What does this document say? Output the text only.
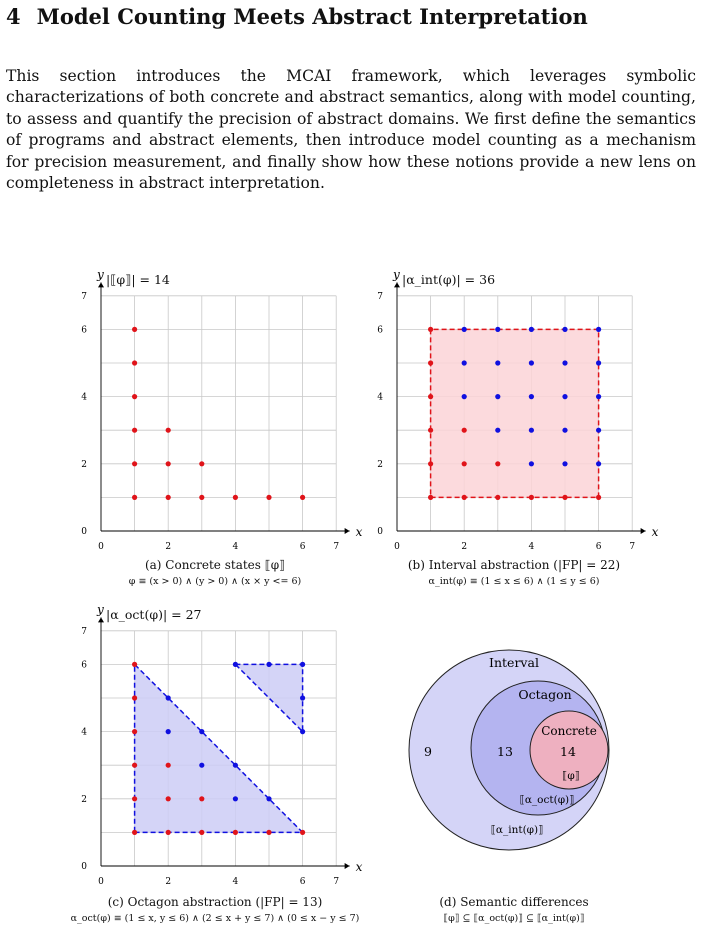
4 Model Counting Meets Abstract Interpretation
This section introduces the MCAI framework, which leverages symbolic characterizations of both concrete and abstract semantics, along with model counting, to assess and quantify the precision of abstract domains. We first define the semantics of programs and abstract elements, then introduce model counting as a mechanism for precision measurement, and finally show how these notions provide a new lens on completeness in abstract interpretation.
x
y
0	2	4	6	7
0
2
4
6
7
x
y
0	2	4	6	7
0
2
4
6
7
x
y
0	2	4	6	7
0
2
4
6
7
Interval
Octagon
Concrete
9	13	14
⟦φ⟧
⟦α_oct(φ)⟧
⟦α_int(φ)⟧
|⟦φ⟧| = 14	|α_int(φ)| = 36
|α_oct(φ)| = 27
(a) Concrete states ⟦φ⟧
φ ≡ (x > 0) ∧ (y > 0) ∧ (x × y <= 6)
(b) Interval abstraction (|FP| = 22)
α_int(φ) ≡ (1 ≤ x ≤ 6) ∧ (1 ≤ y ≤ 6)
(c) Octagon abstraction (|FP| = 13)
α_oct(φ) ≡ (1 ≤ x, y ≤ 6) ∧ (2 ≤ x + y ≤ 7) ∧ (0 ≤ x − y ≤ 7)
(d) Semantic differences
⟦φ⟧ ⊆ ⟦α_oct(φ)⟧ ⊆ ⟦α_int(φ)⟧
